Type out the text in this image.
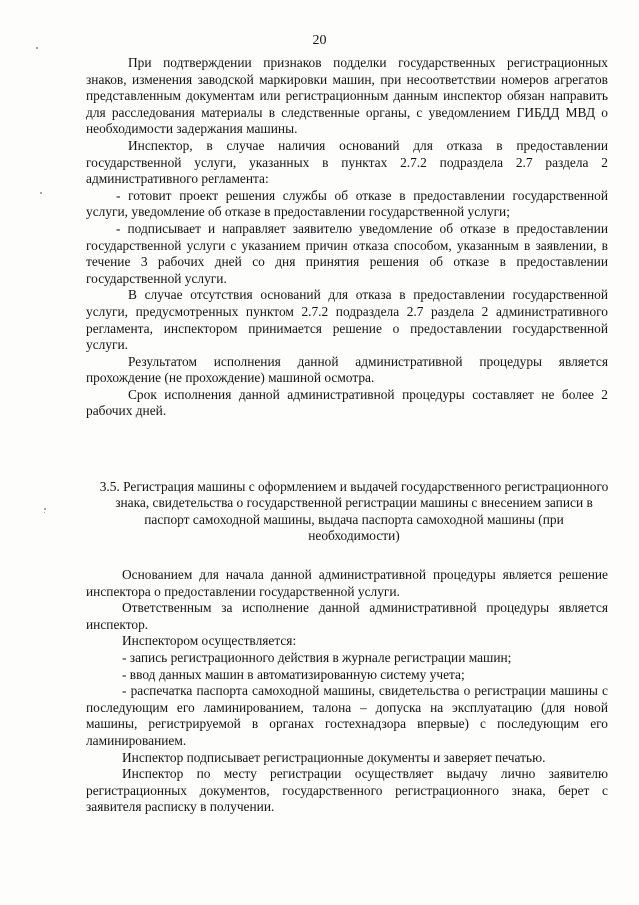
20

При подтверждении признаков подделки государственных регистрационных знаков, изменения заводской маркировки машин, при несоответствии номеров агрегатов представленным документам или регистрационным данным инспектор обязан направить для расследования материалы в следственные органы, с уведомлением ГИБДД МВД о необходимости задержания машины.

Инспектор, в случае наличия оснований для отказа в предоставлении государственной услуги, указанных в пунктах 2.7.2 подраздела 2.7 раздела 2 административного регламента:

- готовит проект решения службы об отказе в предоставлении государственной услуги, уведомление об отказе в предоставлении государственной услуги;

- подписывает и направляет заявителю уведомление об отказе в предоставлении государственной услуги с указанием причин отказа способом, указанным в заявлении, в течение 3 рабочих дней со дня принятия решения об отказе в предоставлении государственной услуги.

В случае отсутствия оснований для отказа в предоставлении государственной услуги, предусмотренных пунктом 2.7.2 подраздела 2.7 раздела 2 административного регламента, инспектором принимается решение о предоставлении государственной услуги.

Результатом исполнения данной административной процедуры является прохождение (не прохождение) машиной осмотра.

Срок исполнения данной административной процедуры составляет не более 2 рабочих дней.

3.5. Регистрация машины с оформлением и выдачей государственного регистрационного знака, свидетельства о государственной регистрации машины с внесением записи в паспорт самоходной машины, выдача паспорта самоходной машины (при необходимости)

Основанием для начала данной административной процедуры является решение инспектора о предоставлении государственной услуги.

Ответственным за исполнение данной административной процедуры является инспектор.

Инспектором осуществляется:

- запись регистрационного действия в журнале регистрации машин;

- ввод данных машин в автоматизированную систему учета;

- распечатка паспорта самоходной машины, свидетельства о регистрации машины с последующим его ламинированием, талона – допуска на эксплуатацию (для новой машины, регистрируемой в органах гостехнадзора впервые) с последующим его ламинированием.

Инспектор подписывает регистрационные документы и заверяет печатью.

Инспектор по месту регистрации осуществляет выдачу лично заявителю регистрационных документов, государственного регистрационного знака, берет с заявителя расписку в получении.
